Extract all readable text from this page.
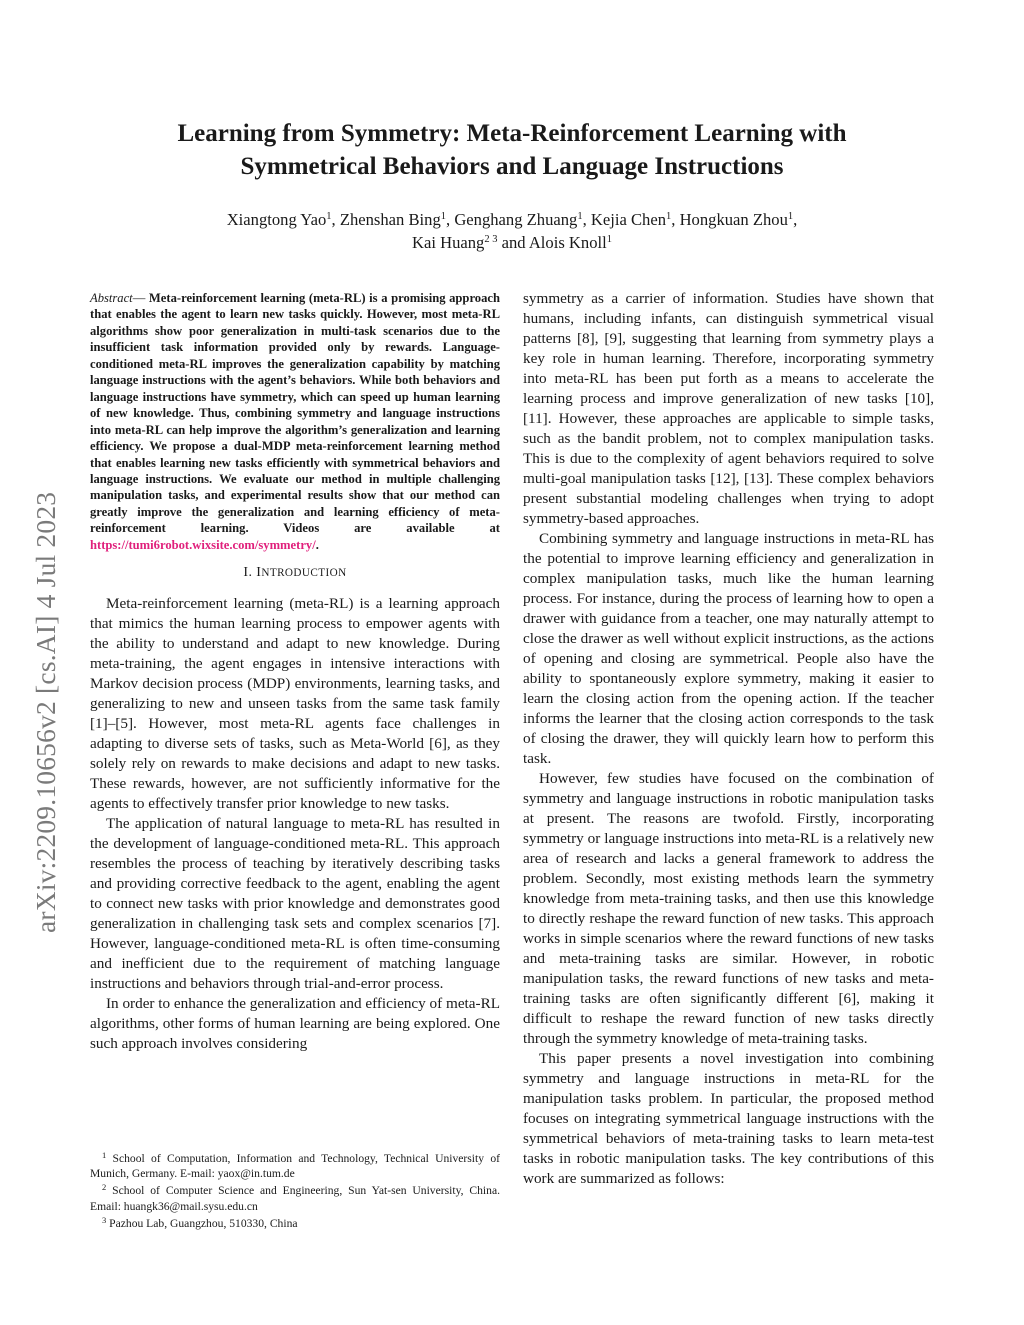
arXiv:2209.10656v2 [cs.AI] 4 Jul 2023
Learning from Symmetry: Meta-Reinforcement Learning with
Symmetrical Behaviors and Language Instructions
Xiangtong Yao$^1$, Zhenshan Bing$^1$, Genghang Zhuang$^1$, Kejia Chen$^1$, Hongkuan Zhou$^1$,
Kai Huang$^{2 3}$ and Alois Knoll$^1$

Abstract— Meta-reinforcement learning (meta-RL) is a promising approach that enables the agent to learn new tasks quickly. However, most meta-RL algorithms show poor generalization in multi-task scenarios due to the insufficient task information provided only by rewards. Language-conditioned meta-RL improves the generalization capability by matching language instructions with the agent’s behaviors. While both behaviors and language instructions have symmetry, which can speed up human learning of new knowledge. Thus, combining symmetry and language instructions into meta-RL can help improve the algorithm’s generalization and learning efficiency. We propose a dual-MDP meta-reinforcement learning method that enables learning new tasks efficiently with symmetrical behaviors and language instructions. We evaluate our method in multiple challenging manipulation tasks, and experimental results show that our method can greatly improve the generalization and learning efficiency of meta-reinforcement learning. Videos are available at https://tumi6robot.wixsite.com/symmetry/.

I. INTRODUCTION

Meta-reinforcement learning (meta-RL) is a learning approach that mimics the human learning process to empower agents with the ability to understand and adapt to new knowledge. During meta-training, the agent engages in intensive interactions with Markov decision process (MDP) environments, learning tasks, and generalizing to new and unseen tasks from the same task family [1]–[5]. However, most meta-RL agents face challenges in adapting to diverse sets of tasks, such as Meta-World [6], as they solely rely on rewards to make decisions and adapt to new tasks. These rewards, however, are not sufficiently informative for the agents to effectively transfer prior knowledge to new tasks.

The application of natural language to meta-RL has resulted in the development of language-conditioned meta-RL. This approach resembles the process of teaching by iteratively describing tasks and providing corrective feedback to the agent, enabling the agent to connect new tasks with prior knowledge and demonstrates good generalization in challenging task sets and complex scenarios [7]. However, language-conditioned meta-RL is often time-consuming and inefficient due to the requirement of matching language instructions and behaviors through trial-and-error process.

In order to enhance the generalization and efficiency of meta-RL algorithms, other forms of human learning are being explored. One such approach involves considering

$^1$ School of Computation, Information and Technology, Technical University of Munich, Germany. E-mail: yaox@in.tum.de

$^2$ School of Computer Science and Engineering, Sun Yat-sen University, China. Email: huangk36@mail.sysu.edu.cn

$^3$ Pazhou Lab, Guangzhou, 510330, China

symmetry as a carrier of information. Studies have shown that humans, including infants, can distinguish symmetrical visual patterns [8], [9], suggesting that learning from symmetry plays a key role in human learning. Therefore, incorporating symmetry into meta-RL has been put forth as a means to accelerate the learning process and improve generalization of new tasks [10], [11]. However, these approaches are applicable to simple tasks, such as the bandit problem, not to complex manipulation tasks. This is due to the complexity of agent behaviors required to solve multi-goal manipulation tasks [12], [13]. These complex behaviors present substantial modeling challenges when trying to adopt symmetry-based approaches.

Combining symmetry and language instructions in meta-RL has the potential to improve learning efficiency and generalization in complex manipulation tasks, much like the human learning process. For instance, during the process of learning how to open a drawer with guidance from a teacher, one may naturally attempt to close the drawer as well without explicit instructions, as the actions of opening and closing are symmetrical. People also have the ability to spontaneously explore symmetry, making it easier to learn the closing action from the opening action. If the teacher informs the learner that the closing action corresponds to the task of closing the drawer, they will quickly learn how to perform this task.

However, few studies have focused on the combination of symmetry and language instructions in robotic manipulation tasks at present. The reasons are twofold. Firstly, incorporating symmetry or language instructions into meta-RL is a relatively new area of research and lacks a general framework to address the problem. Secondly, most existing methods learn the symmetry knowledge from meta-training tasks, and then use this knowledge to directly reshape the reward function of new tasks. This approach works in simple scenarios where the reward functions of new tasks and meta-training tasks are similar. However, in robotic manipulation tasks, the reward functions of new tasks and meta-training tasks are often significantly different [6], making it difficult to reshape the reward function of new tasks directly through the symmetry knowledge of meta-training tasks.

This paper presents a novel investigation into combining symmetry and language instructions in meta-RL for the manipulation tasks problem. In particular, the proposed method focuses on integrating symmetrical language instructions with the symmetrical behaviors of meta-training tasks to learn meta-test tasks in robotic manipulation tasks. The key contributions of this work are summarized as follows:
